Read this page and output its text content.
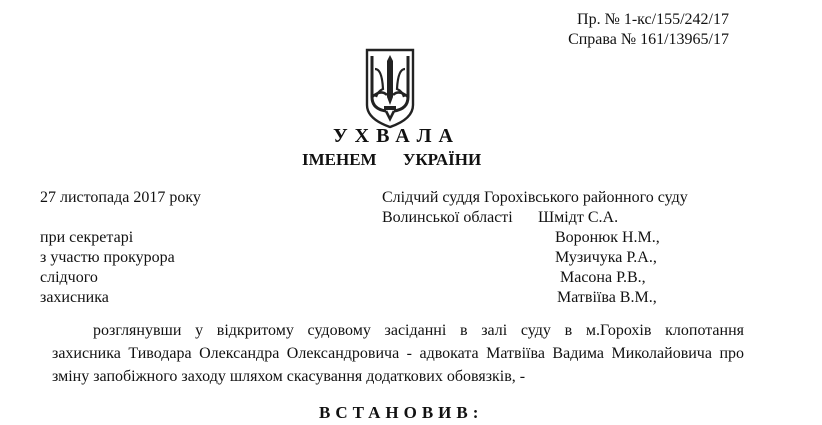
Пр. № 1-кс/155/242/17
Справа № 161/13965/17
УХВАЛА
ІМЕНЕМ УКРАЇНИ
27 листопада 2017 року	Слідчий суддя Горохівського районного суду
Волинської області Шмідт С.А.
при секретарі	Воронюк Н.М.,
з участю прокурора	Музичука Р.А.,
слідчого	Масона Р.В.,
захисника	Матвіїва В.М.,
розглянувши у відкритому судовому засіданні в залі суду в м.Горохів клопотання
захисника Тиводара Олександра Олександровича - адвоката Матвіїва Вадима Миколайовича про
зміну запобіжного заходу шляхом скасування додаткових обовязків, -
ВСТАНОВИВ:
